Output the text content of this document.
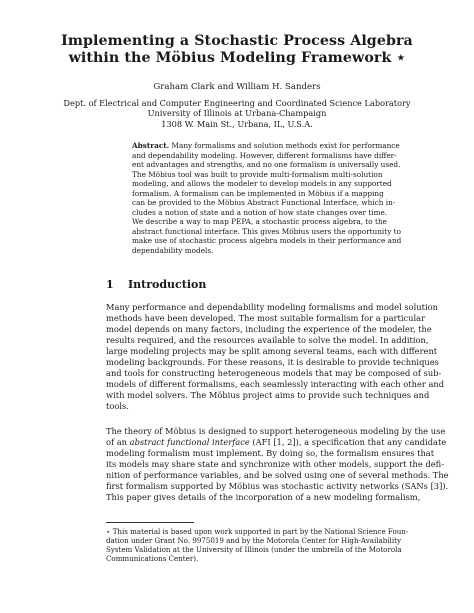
Implementing a Stochastic Process Algebra
within the Möbius Modeling Framework ⋆
Graham Clark and William H. Sanders
Dept. of Electrical and Computer Engineering and Coordinated Science Laboratory
University of Illinois at Urbana-Champaign
1308 W. Main St., Urbana, IL, U.S.A.
Abstract. Many formalisms and solution methods exist for performance
and dependability modeling. However, different formalisms have differ-
ent advantages and strengths, and no one formalism is universally used.
The Möbius tool was built to provide multi-formalism multi-solution
modeling, and allows the modeler to develop models in any supported
formalism. A formalism can be implemented in Möbius if a mapping
can be provided to the Möbius Abstract Functional Interface, which in-
cludes a notion of state and a notion of how state changes over time.
We describe a way to map PEPA, a stochastic process algebra, to the
abstract functional interface. This gives Möbius users the opportunity to
make use of stochastic process algebra models in their performance and
dependability models.
1 Introduction
Many performance and dependability modeling formalisms and model solution
methods have been developed. The most suitable formalism for a particular
model depends on many factors, including the experience of the modeler, the
results required, and the resources available to solve the model. In addition,
large modeling projects may be split among several teams, each with different
modeling backgrounds. For these reasons, it is desirable to provide techniques
and tools for constructing heterogeneous models that may be composed of sub-
models of different formalisms, each seamlessly interacting with each other and
with model solvers. The Möbius project aims to provide such techniques and
tools.
The theory of Möbius is designed to support heterogeneous modeling by the use
of an abstract functional interface (AFI [1, 2]), a specification that any candidate
modeling formalism must implement. By doing so, the formalism ensures that
its models may share state and synchronize with other models, support the defi-
nition of performance variables, and be solved using one of several methods. The
first formalism supported by Möbius was stochastic activity networks (SANs [3]).
This paper gives details of the incorporation of a new modeling formalism,
⋆ This material is based upon work supported in part by the National Science Foun-
dation under Grant No. 9975019 and by the Motorola Center for High-Availability
System Validation at the University of Illinois (under the umbrella of the Motorola
Communications Center).
